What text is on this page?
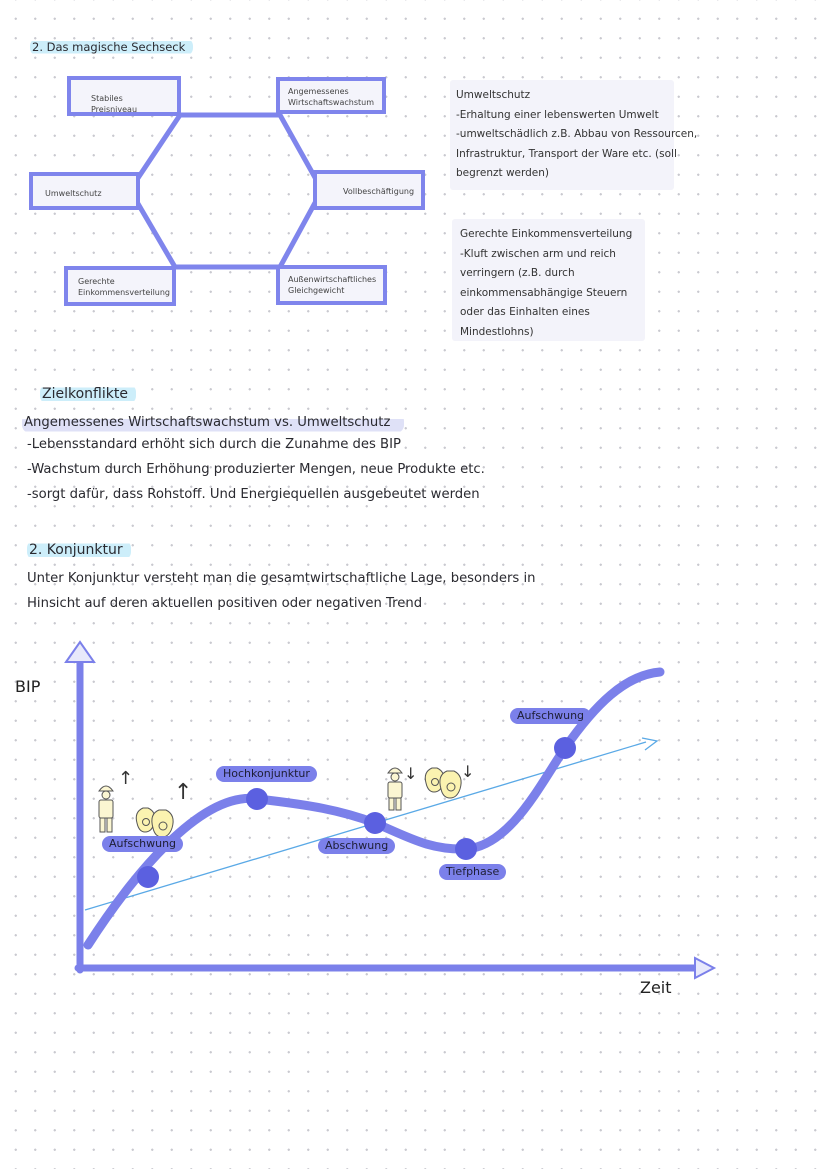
2. Das magische Sechseck
Stabiles Preisniveau
Angemessenes
Wirtschaftswachstum
Umweltschutz	Vollbeschäftigung
Gerechte
Einkommensverteilung
Außenwirtschaftliches
Gleichgewicht
Umweltschutz
-Erhaltung einer lebenswerten Umwelt
-umweltschädlich z.B. Abbau von Ressourcen,
Infrastruktur, Transport der Ware etc. (soll
begrenzt werden)
Gerechte Einkommensverteilung
-Kluft zwischen arm und reich
verringern (z.B. durch
einkommensabhängige Steuern
oder das Einhalten eines
Mindestlohns)
Zielkonflikte
Angemessenes Wirtschaftswachstum vs. Umweltschutz
-Lebensstandard erhöht sich durch die Zunahme des BIP
-Wachstum durch Erhöhung produzierter Mengen, neue Produkte etc.
-sorgt dafür, dass Rohstoff. Und Energiequellen ausgebeutet werden
2. Konjunktur
Unter Konjunktur versteht man die gesamtwirtschaftliche Lage, besonders in
Hinsicht auf deren aktuellen positiven oder negativen Trend
↑
↑
↓	↓
Aufschwung
Hochkonjunktur
Abschwung
Tiefphase
Aufschwung
BIP
Zeit
